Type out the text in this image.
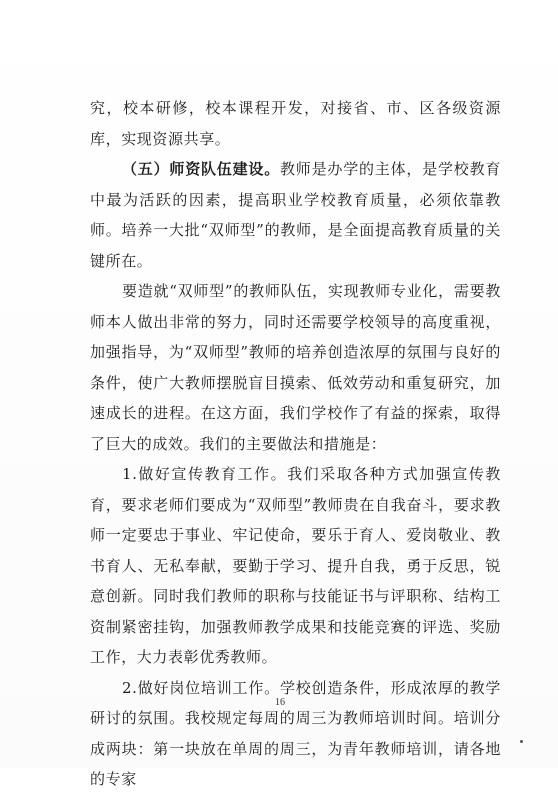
究，校本研修，校本课程开发，对接省、市、区各级资源库，实现资源共享。

（五）师资队伍建设。教师是办学的主体，是学校教育中最为活跃的因素，提高职业学校教育质量，必须依靠教师。培养一大批“双师型”的教师，是全面提高教育质量的关键所在。

要造就“双师型”的教师队伍，实现教师专业化，需要教师本人做出非常的努力，同时还需要学校领导的高度重视，加强指导，为“双师型”教师的培养创造浓厚的氛围与良好的条件，使广大教师摆脱盲目摸索、低效劳动和重复研究，加速成长的进程。在这方面，我们学校作了有益的探索，取得了巨大的成效。我们的主要做法和措施是：

1.做好宣传教育工作。我们采取各种方式加强宣传教育，要求老师们要成为“双师型”教师贵在自我奋斗，要求教师一定要忠于事业、牢记使命，要乐于育人、爱岗敬业、教书育人、无私奉献，要勤于学习、提升自我，勇于反思，锐意创新。同时我们教师的职称与技能证书与评职称、结构工资制紧密挂钩，加强教师教学成果和技能竞赛的评选、奖励工作，大力表彰优秀教师。

2.做好岗位培训工作。学校创造条件，形成浓厚的教学研讨的氛围。我校规定每周的周三为教师培训时间。培训分成两块：第一块放在单周的周三，为青年教师培训，请各地的专家

16
